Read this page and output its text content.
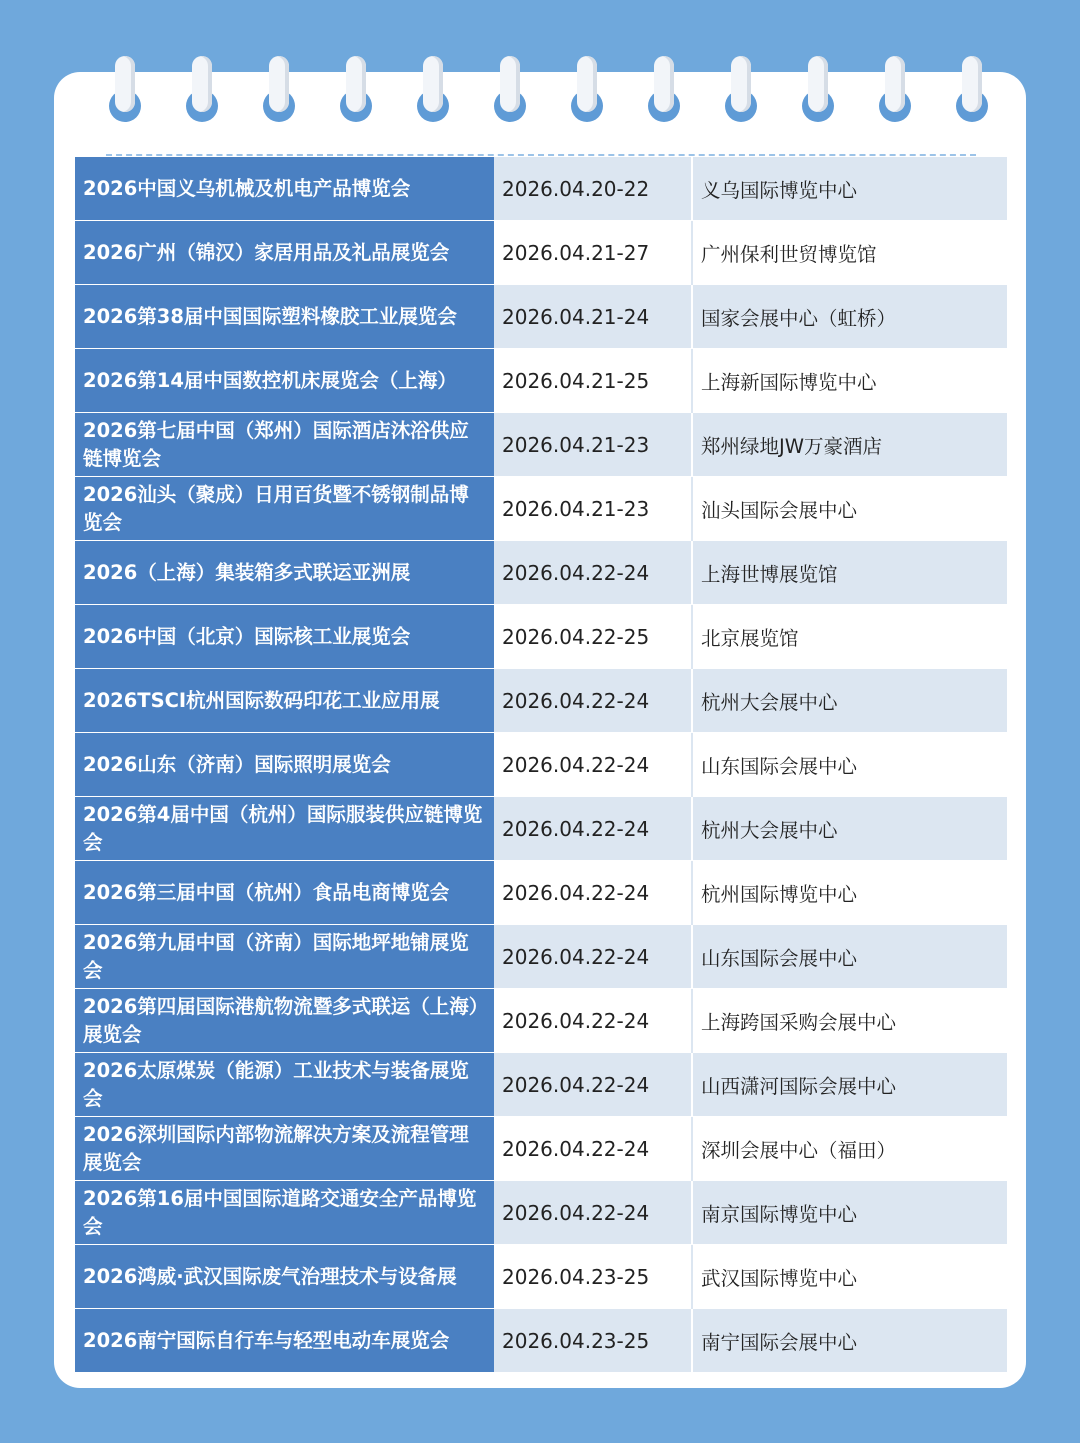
2026中国义乌机械及机电产品博览会	2026.04.20-22	义乌国际博览中心
2026广州（锦汉）家居用品及礼品展览会	2026.04.21-27	广州保利世贸博览馆
2026第38届中国国际塑料橡胶工业展览会	2026.04.21-24	国家会展中心（虹桥）
2026第14届中国数控机床展览会（上海）	2026.04.21-25	上海新国际博览中心
2026第七届中国（郑州）国际酒店沐浴供应链博览会	2026.04.21-23	郑州绿地JW万豪酒店
2026汕头（聚成）日用百货暨不锈钢制品博览会	2026.04.21-23	汕头国际会展中心
2026（上海）集装箱多式联运亚洲展	2026.04.22-24	上海世博展览馆
2026中国（北京）国际核工业展览会	2026.04.22-25	北京展览馆
2026TSCI杭州国际数码印花工业应用展	2026.04.22-24	杭州大会展中心
2026山东（济南）国际照明展览会	2026.04.22-24	山东国际会展中心
2026第4届中国（杭州）国际服装供应链博览会	2026.04.22-24	杭州大会展中心
2026第三届中国（杭州）食品电商博览会	2026.04.22-24	杭州国际博览中心
2026第九届中国（济南）国际地坪地铺展览会	2026.04.22-24	山东国际会展中心
2026第四届国际港航物流暨多式联运（上海）展览会	2026.04.22-24	上海跨国采购会展中心
2026太原煤炭（能源）工业技术与装备展览会	2026.04.22-24	山西潇河国际会展中心
2026深圳国际内部物流解决方案及流程管理展览会	2026.04.22-24	深圳会展中心（福田）
2026第16届中国国际道路交通安全产品博览会	2026.04.22-24	南京国际博览中心
2026鸿威·武汉国际废气治理技术与设备展	2026.04.23-25	武汉国际博览中心
2026南宁国际自行车与轻型电动车展览会	2026.04.23-25	南宁国际会展中心
